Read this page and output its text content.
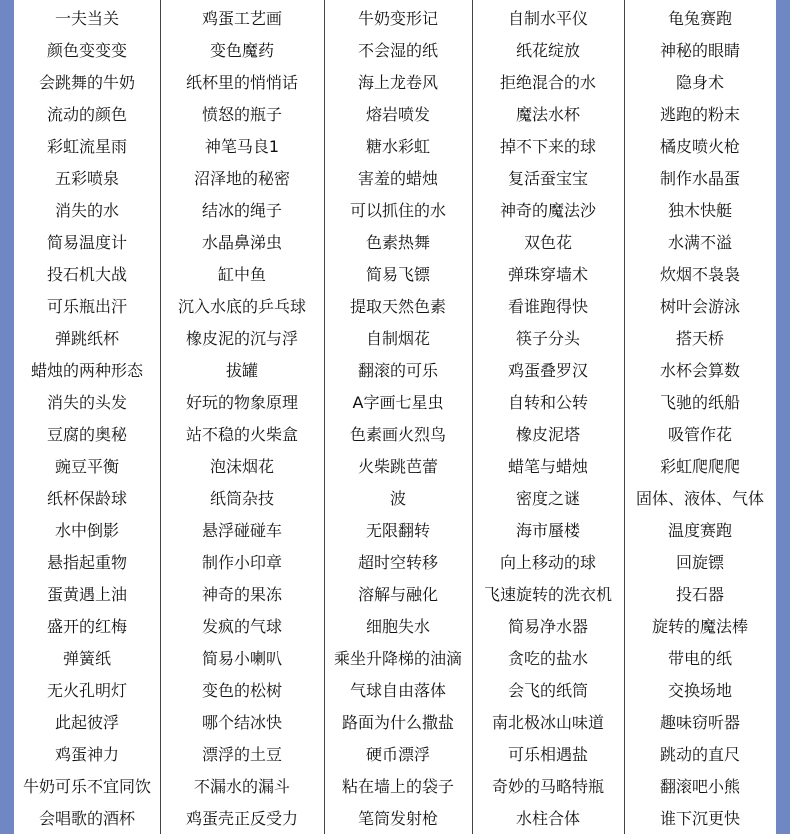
一夫当关	鸡蛋工艺画	牛奶变形记	自制水平仪	龟兔赛跑
颜色变变变	变色魔药	不会湿的纸	纸花绽放	神秘的眼睛
会跳舞的牛奶	纸杯里的悄悄话	海上龙卷风	拒绝混合的水	隐身术
流动的颜色	愤怒的瓶子	熔岩喷发	魔法水杯	逃跑的粉末
彩虹流星雨	神笔马良1	糖水彩虹	掉不下来的球	橘皮喷火枪
五彩喷泉	沼泽地的秘密	害羞的蜡烛	复活蚕宝宝	制作水晶蛋
消失的水	结冰的绳子	可以抓住的水	神奇的魔法沙	独木快艇
简易温度计	水晶鼻涕虫	色素热舞	双色花	水满不溢
投石机大战	缸中鱼	简易飞镖	弹珠穿墙术	炊烟不袅袅
可乐瓶出汗	沉入水底的乒乓球	提取天然色素	看谁跑得快	树叶会游泳
弹跳纸杯	橡皮泥的沉与浮	自制烟花	筷子分头	搭天桥
蜡烛的两种形态	拔罐	翻滚的可乐	鸡蛋叠罗汉	水杯会算数
消失的头发	好玩的物象原理	A字画七星虫	自转和公转	飞驰的纸船
豆腐的奥秘	站不稳的火柴盒	色素画火烈鸟	橡皮泥塔	吸管作花
豌豆平衡	泡沫烟花	火柴跳芭蕾	蜡笔与蜡烛	彩虹爬爬爬
纸杯保龄球	纸筒杂技	波	密度之谜	固体、液体、气体
水中倒影	悬浮碰碰车	无限翻转	海市蜃楼	温度赛跑
悬指起重物	制作小印章	超时空转移	向上移动的球	回旋镖
蛋黄遇上油	神奇的果冻	溶解与融化	飞速旋转的洗衣机	投石器
盛开的红梅	发疯的气球	细胞失水	简易净水器	旋转的魔法棒
弹簧纸	简易小喇叭	乘坐升降梯的油滴	贪吃的盐水	带电的纸
无火孔明灯	变色的松树	气球自由落体	会飞的纸筒	交换场地
此起彼浮	哪个结冰快	路面为什么撒盐	南北极冰山味道	趣味窃听器
鸡蛋神力	漂浮的土豆	硬币漂浮	可乐相遇盐	跳动的直尺
牛奶可乐不宜同饮	不漏水的漏斗	粘在墙上的袋子	奇妙的马略特瓶	翻滚吧小熊
会唱歌的酒杯	鸡蛋壳正反受力	笔筒发射枪	水柱合体	谁下沉更快
